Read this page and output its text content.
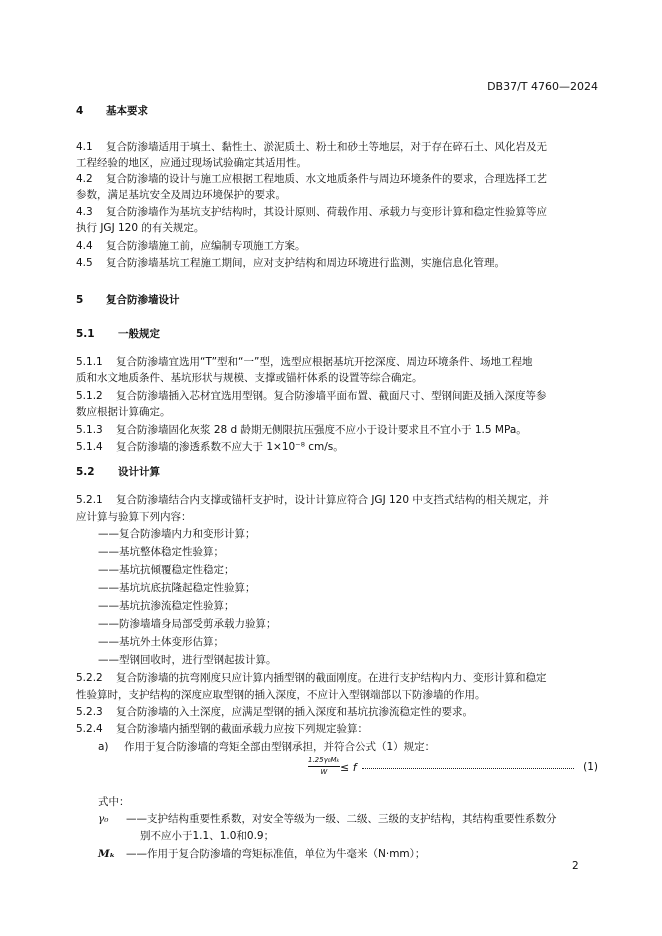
DB37/T 4760—2024

4 基本要求

4.1 复合防渗墙适用于填土、黏性土、淤泥质土、粉土和砂土等地层，对于存在碎石土、风化岩及无

工程经验的地区，应通过现场试验确定其适用性。

4.2 复合防渗墙的设计与施工应根据工程地质、水文地质条件与周边环境条件的要求，合理选择工艺

参数，满足基坑安全及周边环境保护的要求。

4.3 复合防渗墙作为基坑支护结构时，其设计原则、荷载作用、承载力与变形计算和稳定性验算等应

执行 JGJ 120 的有关规定。

4.4 复合防渗墙施工前，应编制专项施工方案。

4.5 复合防渗墙基坑工程施工期间，应对支护结构和周边环境进行监测，实施信息化管理。

5 复合防渗墙设计

5.1 一般规定

5.1.1 复合防渗墙宜选用“T”型和“一”型，选型应根据基坑开挖深度、周边环境条件、场地工程地

质和水文地质条件、基坑形状与规模、支撑或锚杆体系的设置等综合确定。

5.1.2 复合防渗墙插入芯材宜选用型钢。复合防渗墙平面布置、截面尺寸、型钢间距及插入深度等参

数应根据计算确定。

5.1.3 复合防渗墙固化灰浆 28 d 龄期无侧限抗压强度不应小于设计要求且不宜小于 1.5 MPa。

5.1.4 复合防渗墙的渗透系数不应大于 1×10⁻⁸ cm/s。

5.2 设计计算

5.2.1 复合防渗墙结合内支撑或锚杆支护时，设计计算应符合 JGJ 120 中支挡式结构的相关规定，并

应计算与验算下列内容：

——复合防渗墙内力和变形计算；

——基坑整体稳定性验算；

——基坑抗倾覆稳定性稳定；

——基坑坑底抗隆起稳定性验算；

——基坑抗渗流稳定性验算；

——防渗墙墙身局部受剪承载力验算；

——基坑外土体变形估算；

——型钢回收时，进行型钢起拔计算。

5.2.2 复合防渗墙的抗弯刚度只应计算内插型钢的截面刚度。在进行支护结构内力、变形计算和稳定

性验算时，支护结构的深度应取型钢的插入深度，不应计入型钢端部以下防渗墙的作用。

5.2.3 复合防渗墙的入土深度，应满足型钢的插入深度和基坑抗渗流稳定性的要求。

5.2.4 复合防渗墙内插型钢的截面承载力应按下列规定验算：

a) 作用于复合防渗墙的弯矩全部由型钢承担，并符合公式（1）规定：

1.25γ₀Mₖ
W	≤ f	(1)

式中：

γ₀ ——支护结构重要性系数，对安全等级为一级、二级、三级的支护结构，其结构重要性系数分

别不应小于1.1、1.0和0.9；

Mₖ ——作用于复合防渗墙的弯矩标准值，单位为牛毫米（N·mm）；

2
